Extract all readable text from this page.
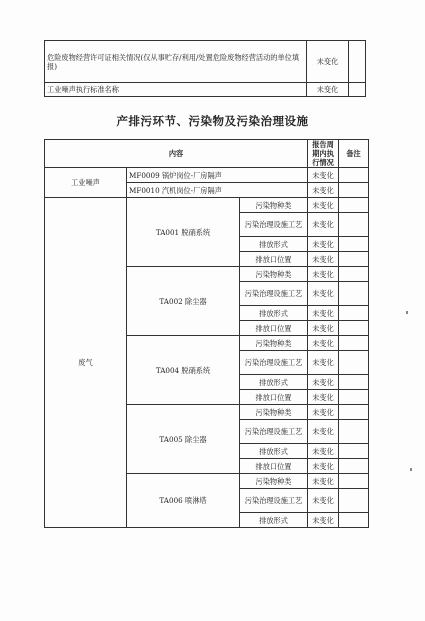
危险废物经营许可证相关情况(仅从事贮存/利用/处置危险废物经营活动的单位填报)	未变化	
工业噪声执行标准名称	未变化	
产排污环节、污染物及污染治理设施
内容			报告周期内执行情况	备注
工业噪声	MF0009 锅炉岗位-厂房隔声		未变化	
	MF0010 汽机岗位-厂房隔声		未变化	
废气	TA001 脱硝系统	污染物种类	未变化	
		污染治理设施工艺	未变化	
		排放形式	未变化	
		排放口位置	未变化	
	TA002 除尘器	污染物种类	未变化	
		污染治理设施工艺	未变化	
		排放形式	未变化	
		排放口位置	未变化	
	TA004 脱硝系统	污染物种类	未变化	
		污染治理设施工艺	未变化	
		排放形式	未变化	
		排放口位置	未变化	
	TA005 除尘器	污染物种类	未变化	
		污染治理设施工艺	未变化	
		排放形式	未变化	
		排放口位置	未变化	
	TA006 喷淋塔	污染物种类	未变化	
		污染治理设施工艺	未变化	
		排放形式	未变化	
